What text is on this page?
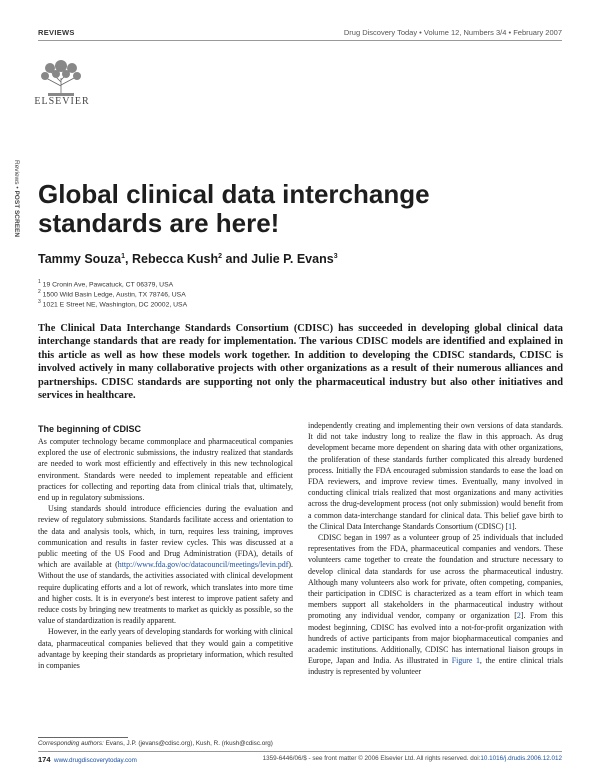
REVIEWS	Drug Discovery Today • Volume 12, Numbers 3/4 • February 2007
ELSEVIER
Reviews • POST SCREEN Global clinical data interchange standards are here!
Tammy Souza$^1$, Rebecca Kush$^2$ and Julie P. Evans$^3$
$^1$ 19 Cronin Ave, Pawcatuck, CT 06379, USA
$^2$ 1500 Wild Basin Ledge, Austin, TX 78746, USA
$^3$ 1021 E Street NE, Washington, DC 20002, USA
The Clinical Data Interchange Standards Consortium (CDISC) has succeeded in developing global clinical data interchange standards that are ready for implementation. The various CDISC models are identified and explained in this article as well as how these models work together. In addition to developing the CDISC standards, CDISC is involved actively in many collaborative projects with other organizations as a result of their numerous alliances and partnerships. CDISC standards are supporting not only the pharmaceutical industry but also other initiatives and services in healthcare.
The beginning of CDISC

As computer technology became commonplace and pharmaceutical companies explored the use of electronic submissions, the industry realized that standards are needed to work most efficiently and effectively in this new technological environment. Standards were needed to implement repeatable and efficient practices for collecting and reporting data from clinical trials that, ultimately, end up in regulatory submissions.

Using standards should introduce efficiencies during the evaluation and review of regulatory submissions. Standards facilitate access and orientation to the data and analysis tools, which, in turn, requires less training, improves communication and results in faster review cycles. This was discussed at a public meeting of the US Food and Drug Administration (FDA), details of which are available at (http://www.fda.gov/oc/datacouncil/meetings/levin.pdf). Without the use of standards, the activities associated with clinical development require duplicating efforts and a lot of rework, which translates into more time and higher costs. It is in everyone's best interest to improve patient safety and reduce costs by bringing new treatments to market as quickly as possible, so the value of standardization is readily apparent.

However, in the early years of developing standards for working with clinical data, pharmaceutical companies believed that they would gain a competitive advantage by keeping their standards as proprietary information, which resulted in companies

independently creating and implementing their own versions of data standards. It did not take industry long to realize the flaw in this approach. As drug development became more dependent on sharing data with other organizations, the proliferation of these standards further complicated this already burdened process. Initially the FDA encouraged submission standards to ease the load on FDA reviewers, and improve review times. Eventually, many involved in conducting clinical trials realized that most organizations and many activities across the drug-development process (not only submission) would benefit from a common data-interchange standard for clinical data. This belief gave birth to the Clinical Data Interchange Standards Consortium (CDISC) [1].

CDISC began in 1997 as a volunteer group of 25 individuals that included representatives from the FDA, pharmaceutical companies and vendors. These volunteers came together to create the foundation and structure necessary to develop clinical data standards for use across the pharmaceutical industry. Although many volunteers also work for private, often competing, companies, their participation in CDISC is characterized as a team effort in which team members support all stakeholders in the pharmaceutical industry without promoting any individual vendor, company or organization [2]. From this modest beginning, CDISC has evolved into a not-for-profit organization with hundreds of active participants from major biopharmaceutical companies and academic institutions. Additionally, CDISC has international liaison groups in Europe, Japan and India. As illustrated in Figure 1, the entire clinical trials industry is represented by volunteer

Corresponding authors: Evans, J.P. (jevans@cdisc.org), Kush, R. (rkush@cdisc.org)
174 www.drugdiscoverytoday.com	1359-6446/06/$ - see front matter © 2006 Elsevier Ltd. All rights reserved. doi:10.1016/j.drudis.2006.12.012
